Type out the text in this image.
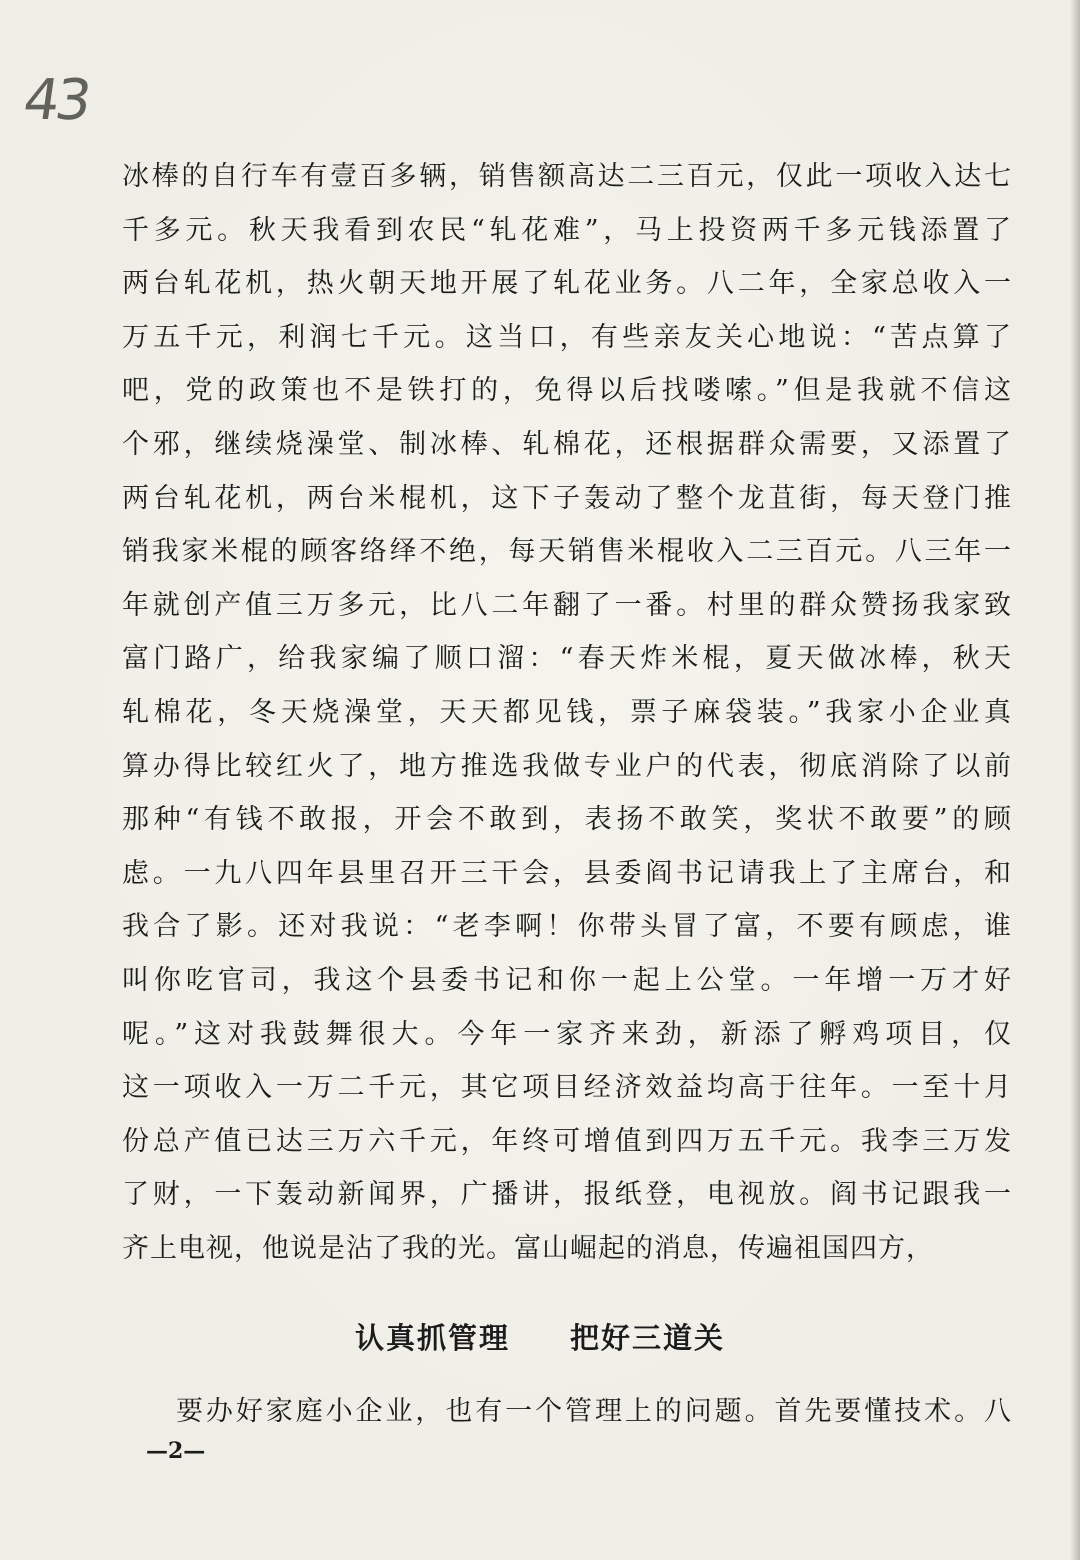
43
冰棒的自行车有壹百多辆，销售额高达二三百元，仅此一项收入达七
千多元。秋天我看到农民“轧花难”，马上投资两千多元钱添置了
两台轧花机，热火朝天地开展了轧花业务。八二年，全家总收入一
万五千元，利润七千元。这当口，有些亲友关心地说：“苦点算了
吧，党的政策也不是铁打的，免得以后找喽嗦。”但是我就不信这
个邪，继续烧澡堂、制冰棒、轧棉花，还根据群众需要，又添置了
两台轧花机，两台米棍机，这下子轰动了整个龙苴街，每天登门推
销我家米棍的顾客络绎不绝，每天销售米棍收入二三百元。八三年一
年就创产值三万多元，比八二年翻了一番。村里的群众赞扬我家致
富门路广，给我家编了顺口溜：“春天炸米棍，夏天做冰棒，秋天
轧棉花，冬天烧澡堂，天天都见钱，票子麻袋装。”我家小企业真
算办得比较红火了，地方推选我做专业户的代表，彻底消除了以前
那种“有钱不敢报，开会不敢到，表扬不敢笑，奖状不敢要”的顾
虑。一九八四年县里召开三干会，县委阎书记请我上了主席台，和
我合了影。还对我说：“老李啊！你带头冒了富，不要有顾虑，谁
叫你吃官司，我这个县委书记和你一起上公堂。一年增一万才好
呢。”这对我鼓舞很大。今年一家齐来劲，新添了孵鸡项目，仅
这一项收入一万二千元，其它项目经济效益均高于往年。一至十月
份总产值已达三万六千元，年终可增值到四万五千元。我李三万发
了财，一下轰动新闻界，广播讲，报纸登，电视放。阎书记跟我一
齐上电视，他说是沾了我的光。富山崛起的消息，传遍祖国四方，
认真抓管理 把好三道关
要办好家庭小企业，也有一个管理上的问题。首先要懂技术。八
—2—
